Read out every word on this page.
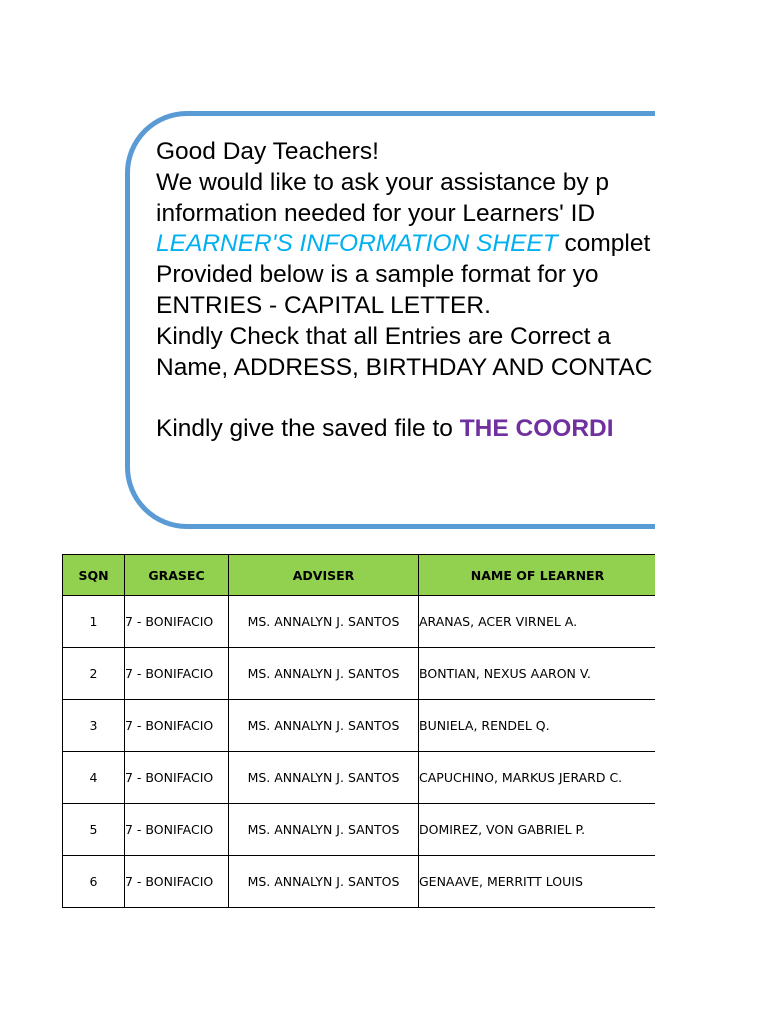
Good Day Teachers!
We would like to ask your assistance by p
information needed for your Learners' ID
LEARNER'S INFORMATION SHEET complet
Provided below is a sample format for yo
ENTRIES - CAPITAL LETTER.
Kindly Check that all Entries are Correct a
Name, ADDRESS, BIRTHDAY AND CONTAC
Kindly give the saved file to THE COORDI
SQN	GRASEC	ADVISER	NAME OF LEARNER
1	7 - BONIFACIO	MS. ANNALYN J. SANTOS	ARANAS, ACER VIRNEL A.
2	7 - BONIFACIO	MS. ANNALYN J. SANTOS	BONTIAN, NEXUS AARON V.
3	7 - BONIFACIO	MS. ANNALYN J. SANTOS	BUNIELA, RENDEL Q.
4	7 - BONIFACIO	MS. ANNALYN J. SANTOS	CAPUCHINO, MARKUS JERARD C.
5	7 - BONIFACIO	MS. ANNALYN J. SANTOS	DOMIREZ, VON GABRIEL P.
6	7 - BONIFACIO	MS. ANNALYN J. SANTOS	GENAAVE, MERRITT LOUIS
